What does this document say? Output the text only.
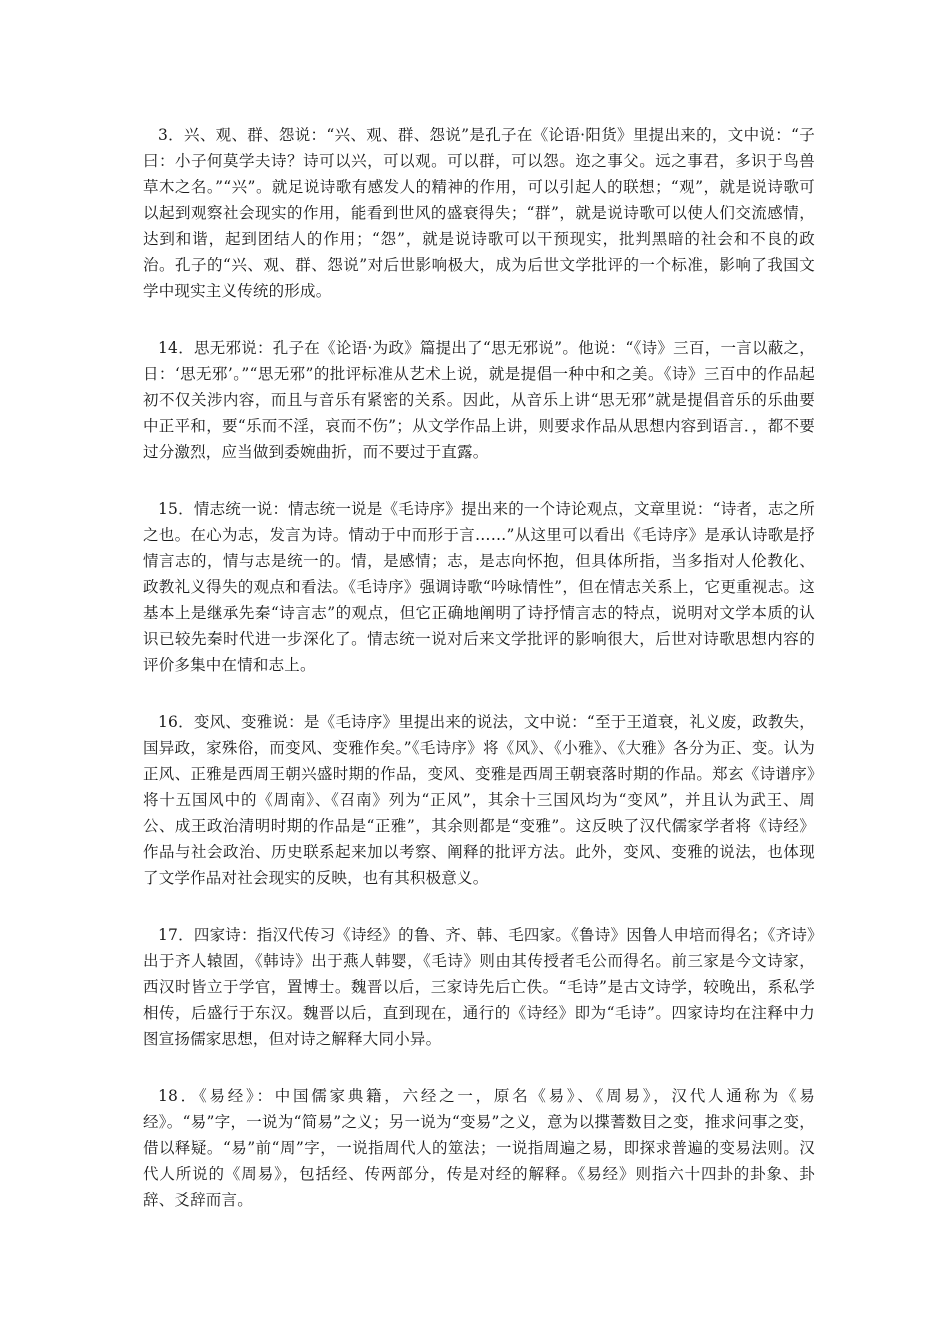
3．兴、观、群、怨说：“兴、观、群、怨说”是孔子在《论语·阳货》里提出来的，文中说：“子曰：小子何莫学夫诗？诗可以兴，可以观。可以群，可以怨。迩之事父。远之事君，多识于鸟兽草木之名。”“兴”。就足说诗歌有感发人的精神的作用，可以引起人的联想；“观”，就是说诗歌可以起到观察社会现实的作用，能看到世风的盛衰得失；“群”，就是说诗歌可以使人们交流感情，达到和谐，起到团结人的作用；“怨”，就是说诗歌可以干预现实，批判黑暗的社会和不良的政治。孔子的“兴、观、群、怨说”对后世影响极大，成为后世文学批评的一个标准，影响了我国文学中现实主义传统的形成。

14．思无邪说：孔子在《论语·为政》篇提出了“思无邪说”。他说：“《诗》三百，一言以蔽之，日：‘思无邪’。”“思无邪”的批评标准从艺术上说，就是提倡一种中和之美。《诗》三百中的作品起初不仅关涉内容，而且与音乐有紧密的关系。因此，从音乐上讲“思无邪”就是提倡音乐的乐曲要中正平和，要“乐而不淫，哀而不伤”；从文学作品上讲，则要求作品从思想内容到语言．，都不要过分激烈，应当做到委婉曲折，而不要过于直露。

15．情志统一说：情志统一说是《毛诗序》提出来的一个诗论观点，文章里说：“诗者，志之所之也。在心为志，发言为诗。情动于中而形于言……”从这里可以看出《毛诗序》是承认诗歌是抒情言志的，情与志是统一的。情，是感情；志，是志向怀抱，但具体所指，当多指对人伦教化、政教礼义得失的观点和看法。《毛诗序》强调诗歌“吟咏情性”，但在情志关系上，它更重视志。这基本上是继承先秦“诗言志”的观点，但它正确地阐明了诗抒情言志的特点，说明对文学本质的认识已较先秦时代进一步深化了。情志统一说对后来文学批评的影响很大，后世对诗歌思想内容的评价多集中在情和志上。

16．变风、变雅说：是《毛诗序》里提出来的说法，文中说：“至于王道衰，礼义废，政教失，国异政，家殊俗，而变风、变雅作矣。”《毛诗序》将《风》、《小雅》、《大雅》各分为正、变。认为正风、正雅是西周王朝兴盛时期的作品，变风、变雅是西周王朝衰落时期的作品。郑玄《诗谱序》将十五国风中的《周南》、《召南》列为“正风”，其余十三国风均为“变风”，并且认为武王、周公、成王政治清明时期的作品是“正雅”，其余则都是“变雅”。这反映了汉代儒家学者将《诗经》作品与社会政治、历史联系起来加以考察、阐释的批评方法。此外，变风、变雅的说法，也体现了文学作品对社会现实的反映，也有其积极意义。

17．四家诗：指汉代传习《诗经》的鲁、齐、韩、毛四家。《鲁诗》因鲁人申培而得名；《齐诗》出于齐人辕固，《韩诗》出于燕人韩婴，《毛诗》则由其传授者毛公而得名。前三家是今文诗家，西汉时皆立于学官，置博士。魏晋以后，三家诗先后亡佚。“毛诗”是古文诗学，较晚出，系私学相传，后盛行于东汉。魏晋以后，直到现在，通行的《诗经》即为“毛诗”。四家诗均在注释中力图宣扬儒家思想，但对诗之解释大同小异。

18．《易经》：中国儒家典籍，六经之一，原名《易》、《周易》，汉代人通称为《易经》。“易”字，一说为“简易”之义；另一说为“变易”之义，意为以揲蓍数目之变，推求问事之变，借以释疑。“易”前“周”字，一说指周代人的筮法；一说指周遍之易，即探求普遍的变易法则。汉代人所说的《周易》，包括经、传两部分，传是对经的解释。《易经》则指六十四卦的卦象、卦辞、爻辞而言。
